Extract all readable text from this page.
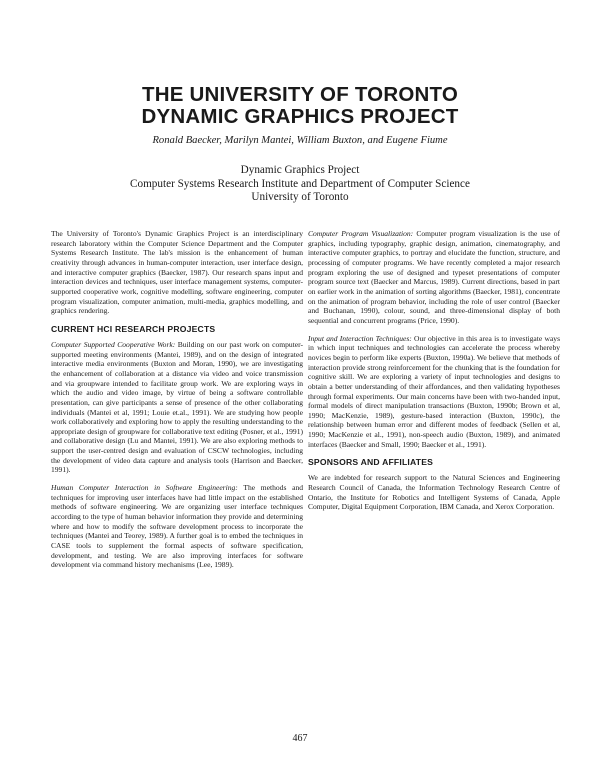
THE UNIVERSITY OF TORONTO
DYNAMIC GRAPHICS PROJECT
Ronald Baecker, Marilyn Mantei, William Buxton, and Eugene Fiume
Dynamic Graphics Project
Computer Systems Research Institute and Department of Computer Science
University of Toronto

The University of Toronto's Dynamic Graphics Project is an interdisciplinary research laboratory within the Computer Science Department and the Computer Systems Research Institute. The lab's mission is the enhancement of human creativity through advances in human-computer interaction, user interface design, and interactive computer graphics (Baecker, 1987). Our research spans input and interaction devices and techniques, user interface management systems, computer-supported cooperative work, cognitive modelling, software engineering, computer program visualization, computer animation, multi-media, graphics modelling, and graphics rendering.

CURRENT HCI RESEARCH PROJECTS

Computer Supported Cooperative Work: Building on our past work on computer-supported meeting environments (Mantei, 1989), and on the design of integrated interactive media environments (Buxton and Moran, 1990), we are investigating the enhancement of collaboration at a distance via video and voice transmission and via groupware intended to facilitate group work. We are exploring ways in which the audio and video image, by virtue of being a software controllable presentation, can give participants a sense of presence of the other collaborating individuals (Mantei et al, 1991; Louie et.al., 1991). We are studying how people work collaboratively and exploring how to apply the resulting understanding to the appropriate design of groupware for collaborative text editing (Posner, et al., 1991) and collaborative design (Lu and Mantei, 1991). We are also exploring methods to support the user-centred design and evaluation of CSCW technologies, including the development of video data capture and analysis tools (Harrison and Baecker, 1991).

Human Computer Interaction in Software Engineering: The methods and techniques for improving user interfaces have had little impact on the established methods of software engineering. We are organizing user interface techniques according to the type of human behavior information they provide and determining where and how to modify the software development process to incorporate the techniques (Mantei and Teorey, 1989). A further goal is to embed the techniques in CASE tools to supplement the formal aspects of software specification, development, and testing. We are also improving interfaces for software development via command history mechanisms (Lee, 1989).

Computer Program Visualization: Computer program visualization is the use of graphics, including typography, graphic design, animation, cinematography, and interactive computer graphics, to portray and elucidate the function, structure, and processing of computer programs. We have recently completed a major research program exploring the use of designed and typeset presentations of computer program source text (Baecker and Marcus, 1989). Current directions, based in part on earlier work in the animation of sorting algorithms (Baecker, 1981), concentrate on the animation of program behavior, including the role of user control (Baecker and Buchanan, 1990), colour, sound, and three-dimensional display of both sequential and concurrent programs (Price, 1990).

Input and Interaction Techniques: Our objective in this area is to investigate ways in which input techniques and technologies can accelerate the process whereby novices begin to perform like experts (Buxton, 1990a). We believe that methods of interaction provide strong reinforcement for the chunking that is the foundation for cognitive skill. We are exploring a variety of input technologies and designs to obtain a better understanding of their affordances, and then validating hypotheses through formal experiments. Our main concerns have been with two-handed input, formal models of direct manipulation transactions (Buxton, 1990b; Brown et al, 1990; MacKenzie, 1989), gesture-based interaction (Buxton, 1990c), the relationship between human error and different modes of feedback (Sellen et al, 1990; MacKenzie et al., 1991), non-speech audio (Buxton, 1989), and animated interfaces (Baecker and Small, 1990; Baecker et al., 1991).

SPONSORS AND AFFILIATES

We are indebted for research support to the Natural Sciences and Engineering Research Council of Canada, the Information Technology Research Centre of Ontario, the Institute for Robotics and Intelligent Systems of Canada, Apple Computer, Digital Equipment Corporation, IBM Canada, and Xerox Corporation.

467
